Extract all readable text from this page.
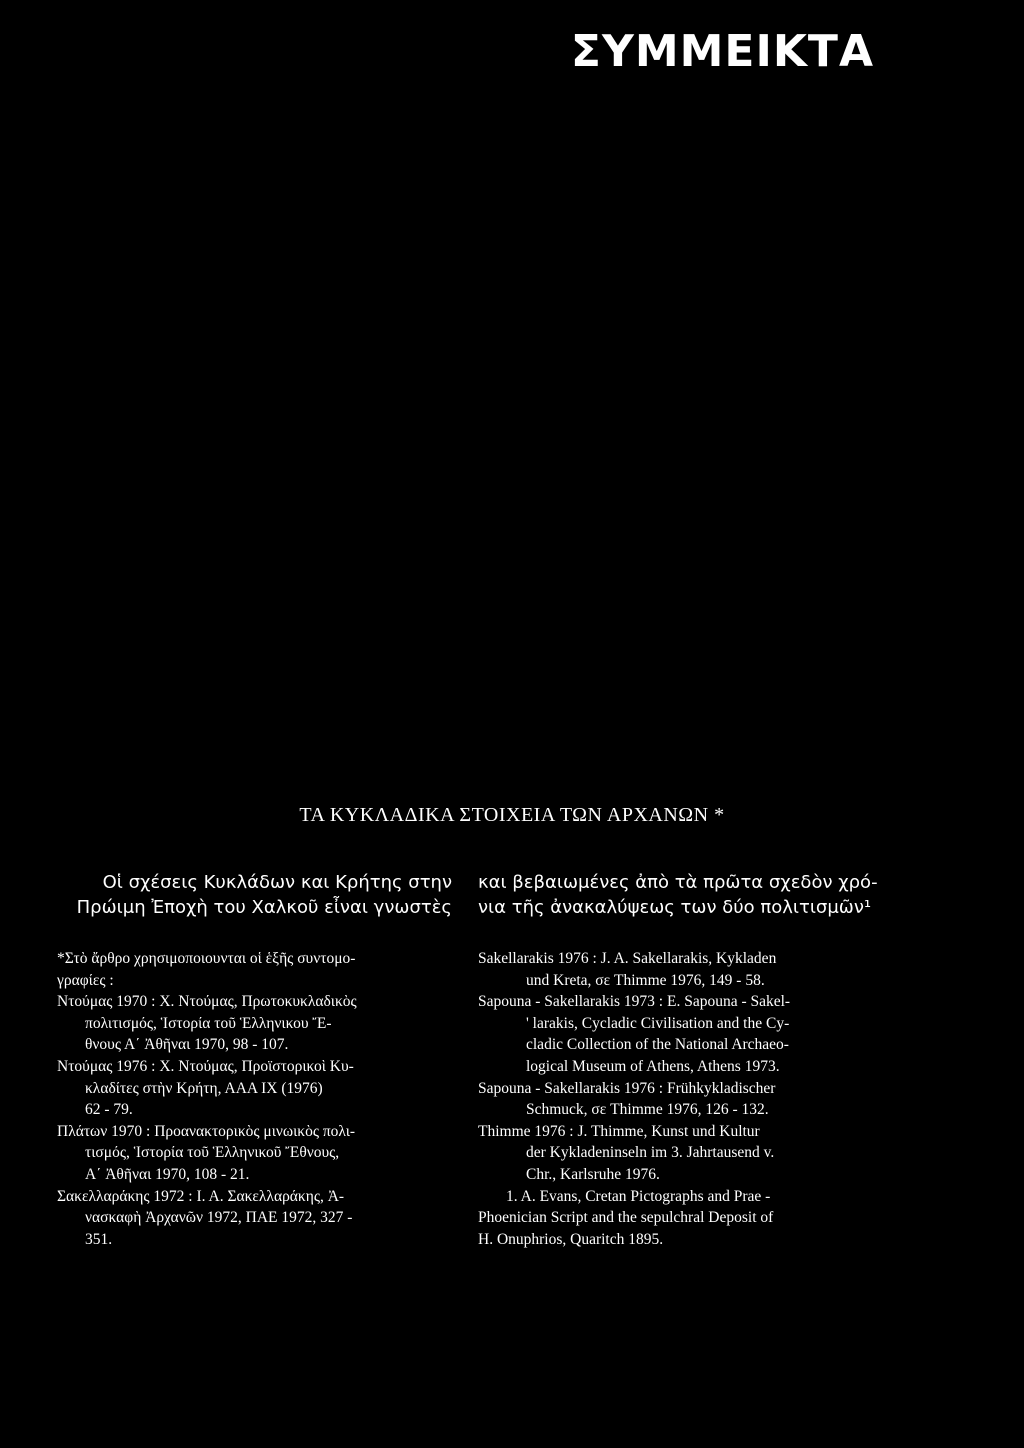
ΣΥΜΜΕΙΚΤΑ
ΤΑ ΚΥΚΛΑΔΙΚΑ ΣΤΟΙΧΕΙΑ ΤΩΝ ΑΡΧΑΝΩΝ *
Οἱ σχέσεις Κυκλάδων και Κρήτης στην
Πρώιμη Ἐποχὴ του Χαλκοῦ εἶναι γνωστὲς

*Στὸ ἄρθρο χρησιμοποιουνται οἱ ἑξῆς συντομο-

γραφίες :

Ντούμας 1970 : Χ. Ντούμας, Πρωτοκυκλαδικὸς

πολιτισμός, Ἱστορία τοῦ Ἑλληνικου Ἔ-

θνους Α΄ Ἀθῆναι 1970, 98 - 107.

Ντούμας 1976 : Χ. Ντούμας, Προϊστορικοὶ Κυ-

κλαδίτες στὴν Κρήτη, ΑΑΑ ΙΧ (1976)

62 - 79.

Πλάτων 1970 : Προανακτορικὸς μινωικὸς πολι-

τισμός, Ἱστορία τοῦ Ἑλληνικοῦ Ἔθνους,

Α΄ Ἀθῆναι 1970, 108 - 21.

Σακελλαράκης 1972 : Ι. Α. Σακελλαράκης, Ἀ-

νασκαφὴ Ἀρχανῶν 1972, ΠΑΕ 1972, 327 -

351.

και βεβαιωμένες ἀπὸ τὰ πρῶτα σχεδὸν χρό-
νια τῆς ἀνακαλύψεως των δύο πολιτισμῶν¹

Sakellarakis 1976 : J. A. Sakellarakis, Kykladen

und Kreta, σε Thimme 1976, 149 - 58.

Sapouna - Sakellarakis 1973 : E. Sapouna - Sakel-

' larakis, Cycladic Civilisation and the Cy-

cladic Collection of the National Archaeo-

logical Museum of Athens, Athens 1973.

Sapouna - Sakellarakis 1976 : Frühkykladischer

Schmuck, σε Thimme 1976, 126 - 132.

Thimme 1976 : J. Thimme, Kunst und Kultur

der Kykladeninseln im 3. Jahrtausend v.

Chr., Karlsruhe 1976.

1. A. Evans, Cretan Pictographs and Prae -

Phoenician Script and the sepulchral Deposit of

H. Onuphrios, Quaritch 1895.
